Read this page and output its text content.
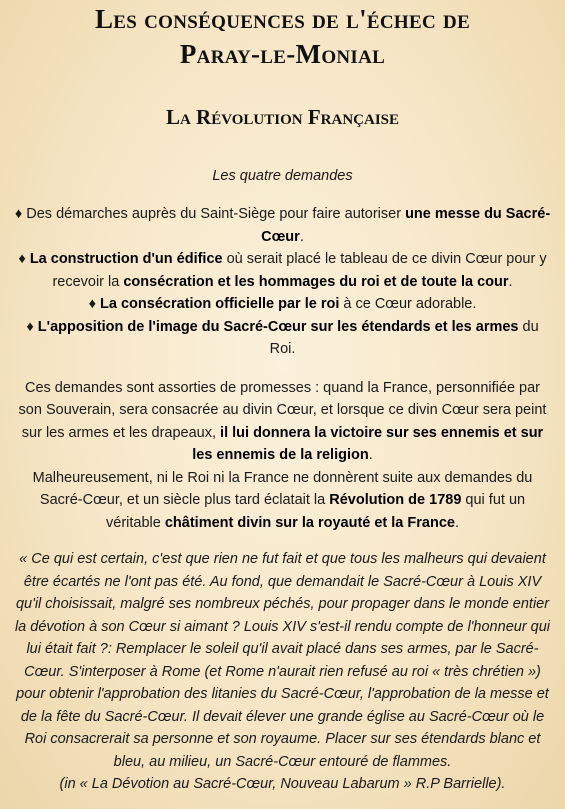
Les conséquences de l'échec de
Paray-le-Monial
La Révolution Française

Les quatre demandes

♦ Des démarches auprès du Saint-Siège pour faire autoriser une messe du Sacré-Cœur.

♦ La construction d'un édifice où serait placé le tableau de ce divin Cœur pour y recevoir la consécration et les hommages du roi et de toute la cour.

♦ La consécration officielle par le roi à ce Cœur adorable.

♦ L'apposition de l'image du Sacré-Cœur sur les étendards et les armes du Roi.

Ces demandes sont assorties de promesses : quand la France, personnifiée par son Souverain, sera consacrée au divin Cœur, et lorsque ce divin Cœur sera peint sur les armes et les drapeaux, il lui donnera la victoire sur ses ennemis et sur les ennemis de la religion.

Malheureusement, ni le Roi ni la France ne donnèrent suite aux demandes du Sacré-Cœur, et un siècle plus tard éclatait la Révolution de 1789 qui fut un véritable châtiment divin sur la royauté et la France.

« Ce qui est certain, c'est que rien ne fut fait et que tous les malheurs qui devaient être écartés ne l'ont pas été. Au fond, que demandait le Sacré-Cœur à Louis XIV qu'il choisissait, malgré ses nombreux péchés, pour propager dans le monde entier la dévotion à son Cœur si aimant ? Louis XIV s'est-il rendu compte de l'honneur qui lui était fait ?: Remplacer le soleil qu'il avait placé dans ses armes, par le Sacré-Cœur. S'interposer à Rome (et Rome n'aurait rien refusé au roi « très chrétien ») pour obtenir l'approbation des litanies du Sacré-Cœur, l'approbation de la messe et de la fête du Sacré-Cœur. Il devait élever une grande église au Sacré-Cœur où le Roi consacrerait sa personne et son royaume. Placer sur ses étendards blanc et bleu, au milieu, un Sacré-Cœur entouré de flammes.
(in « La Dévotion au Sacré-Cœur, Nouveau Labarum » R.P Barrielle).
